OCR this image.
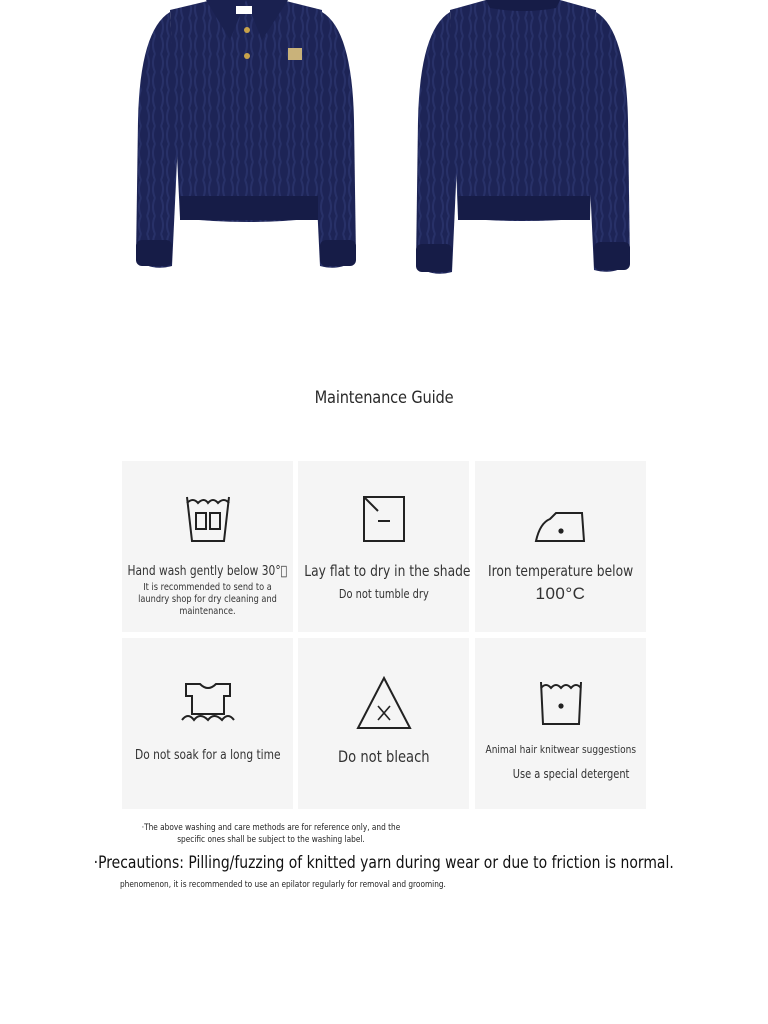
Maintenance Guide
Hand wash gently below 30° 
It is recommended to send to a laundry shop for dry cleaning and maintenance.
Lay flat to dry in the shade
Do not tumble dry
Iron temperature below
100°C
Do not soak for a long time	Do not bleach	Animal hair knitwear suggestions
Use a special detergent
·The above washing and care methods are for reference only, and the specific ones shall be subject to the washing label.
·Precautions: Pilling/fuzzing of knitted yarn during wear or due to friction is normal.
phenomenon, it is recommended to use an epilator regularly for removal and grooming.
